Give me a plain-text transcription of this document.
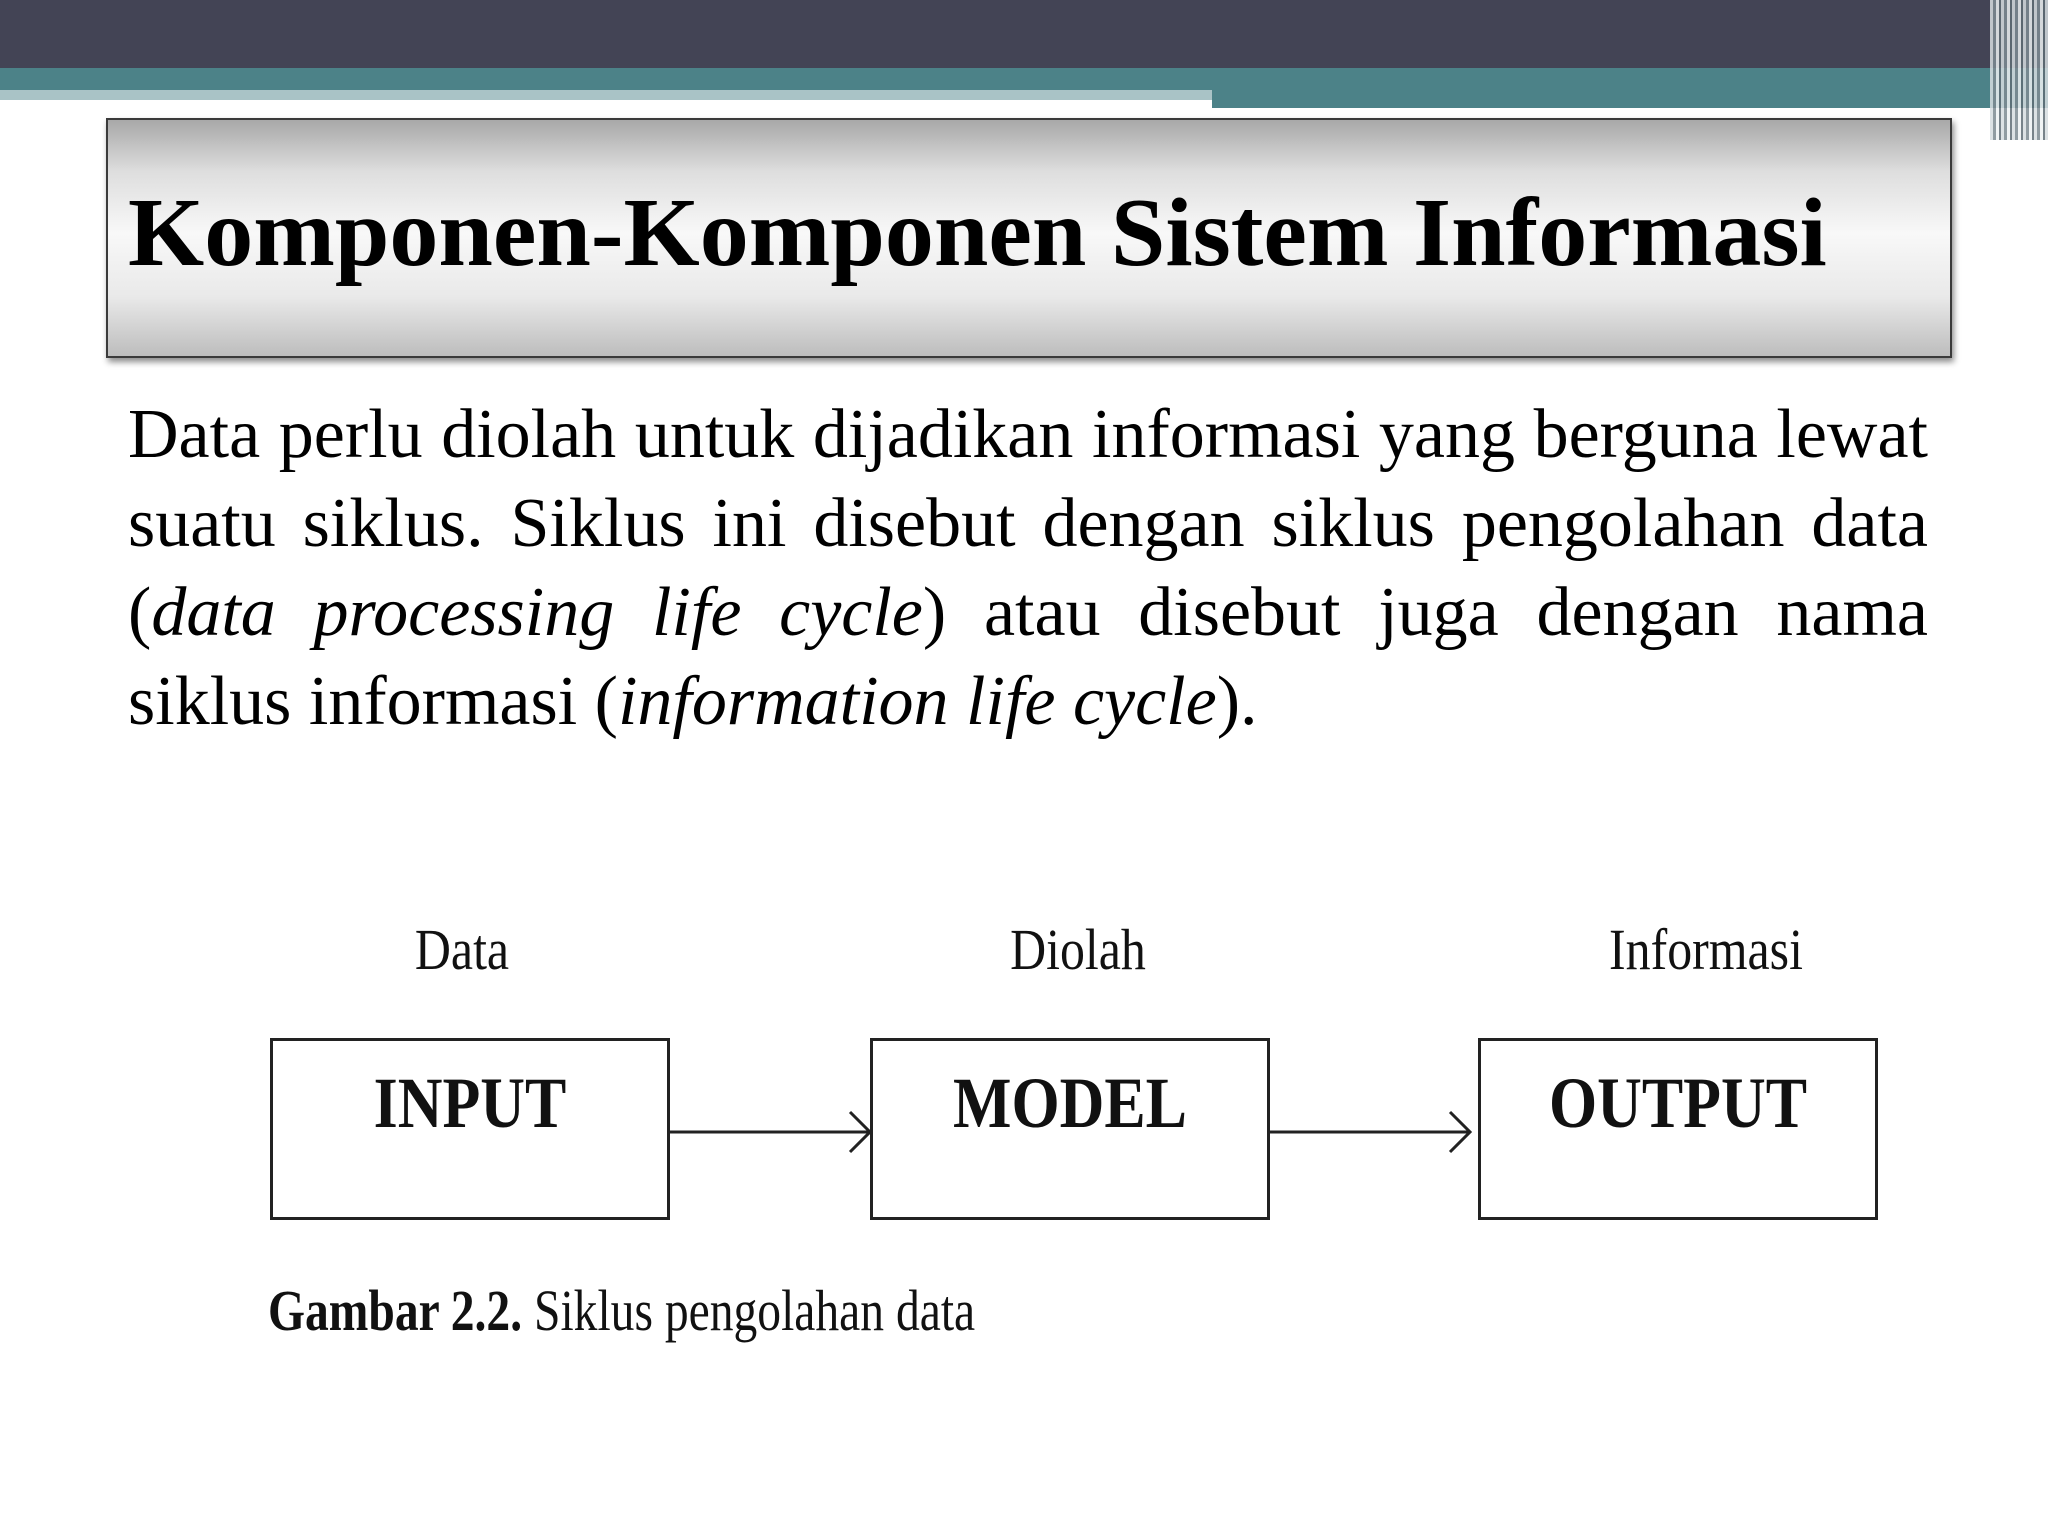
Komponen-Komponen Sistem Informasi

Data perlu diolah untuk dijadikan informasi yang berguna lewat suatu siklus. Siklus ini disebut dengan siklus pengolahan data (data processing life cycle) atau disebut juga dengan nama siklus informasi (information life cycle).

Data
INPUT
Diolah
MODEL
Informasi
OUTPUT

Gambar 2.2. Siklus pengolahan data
